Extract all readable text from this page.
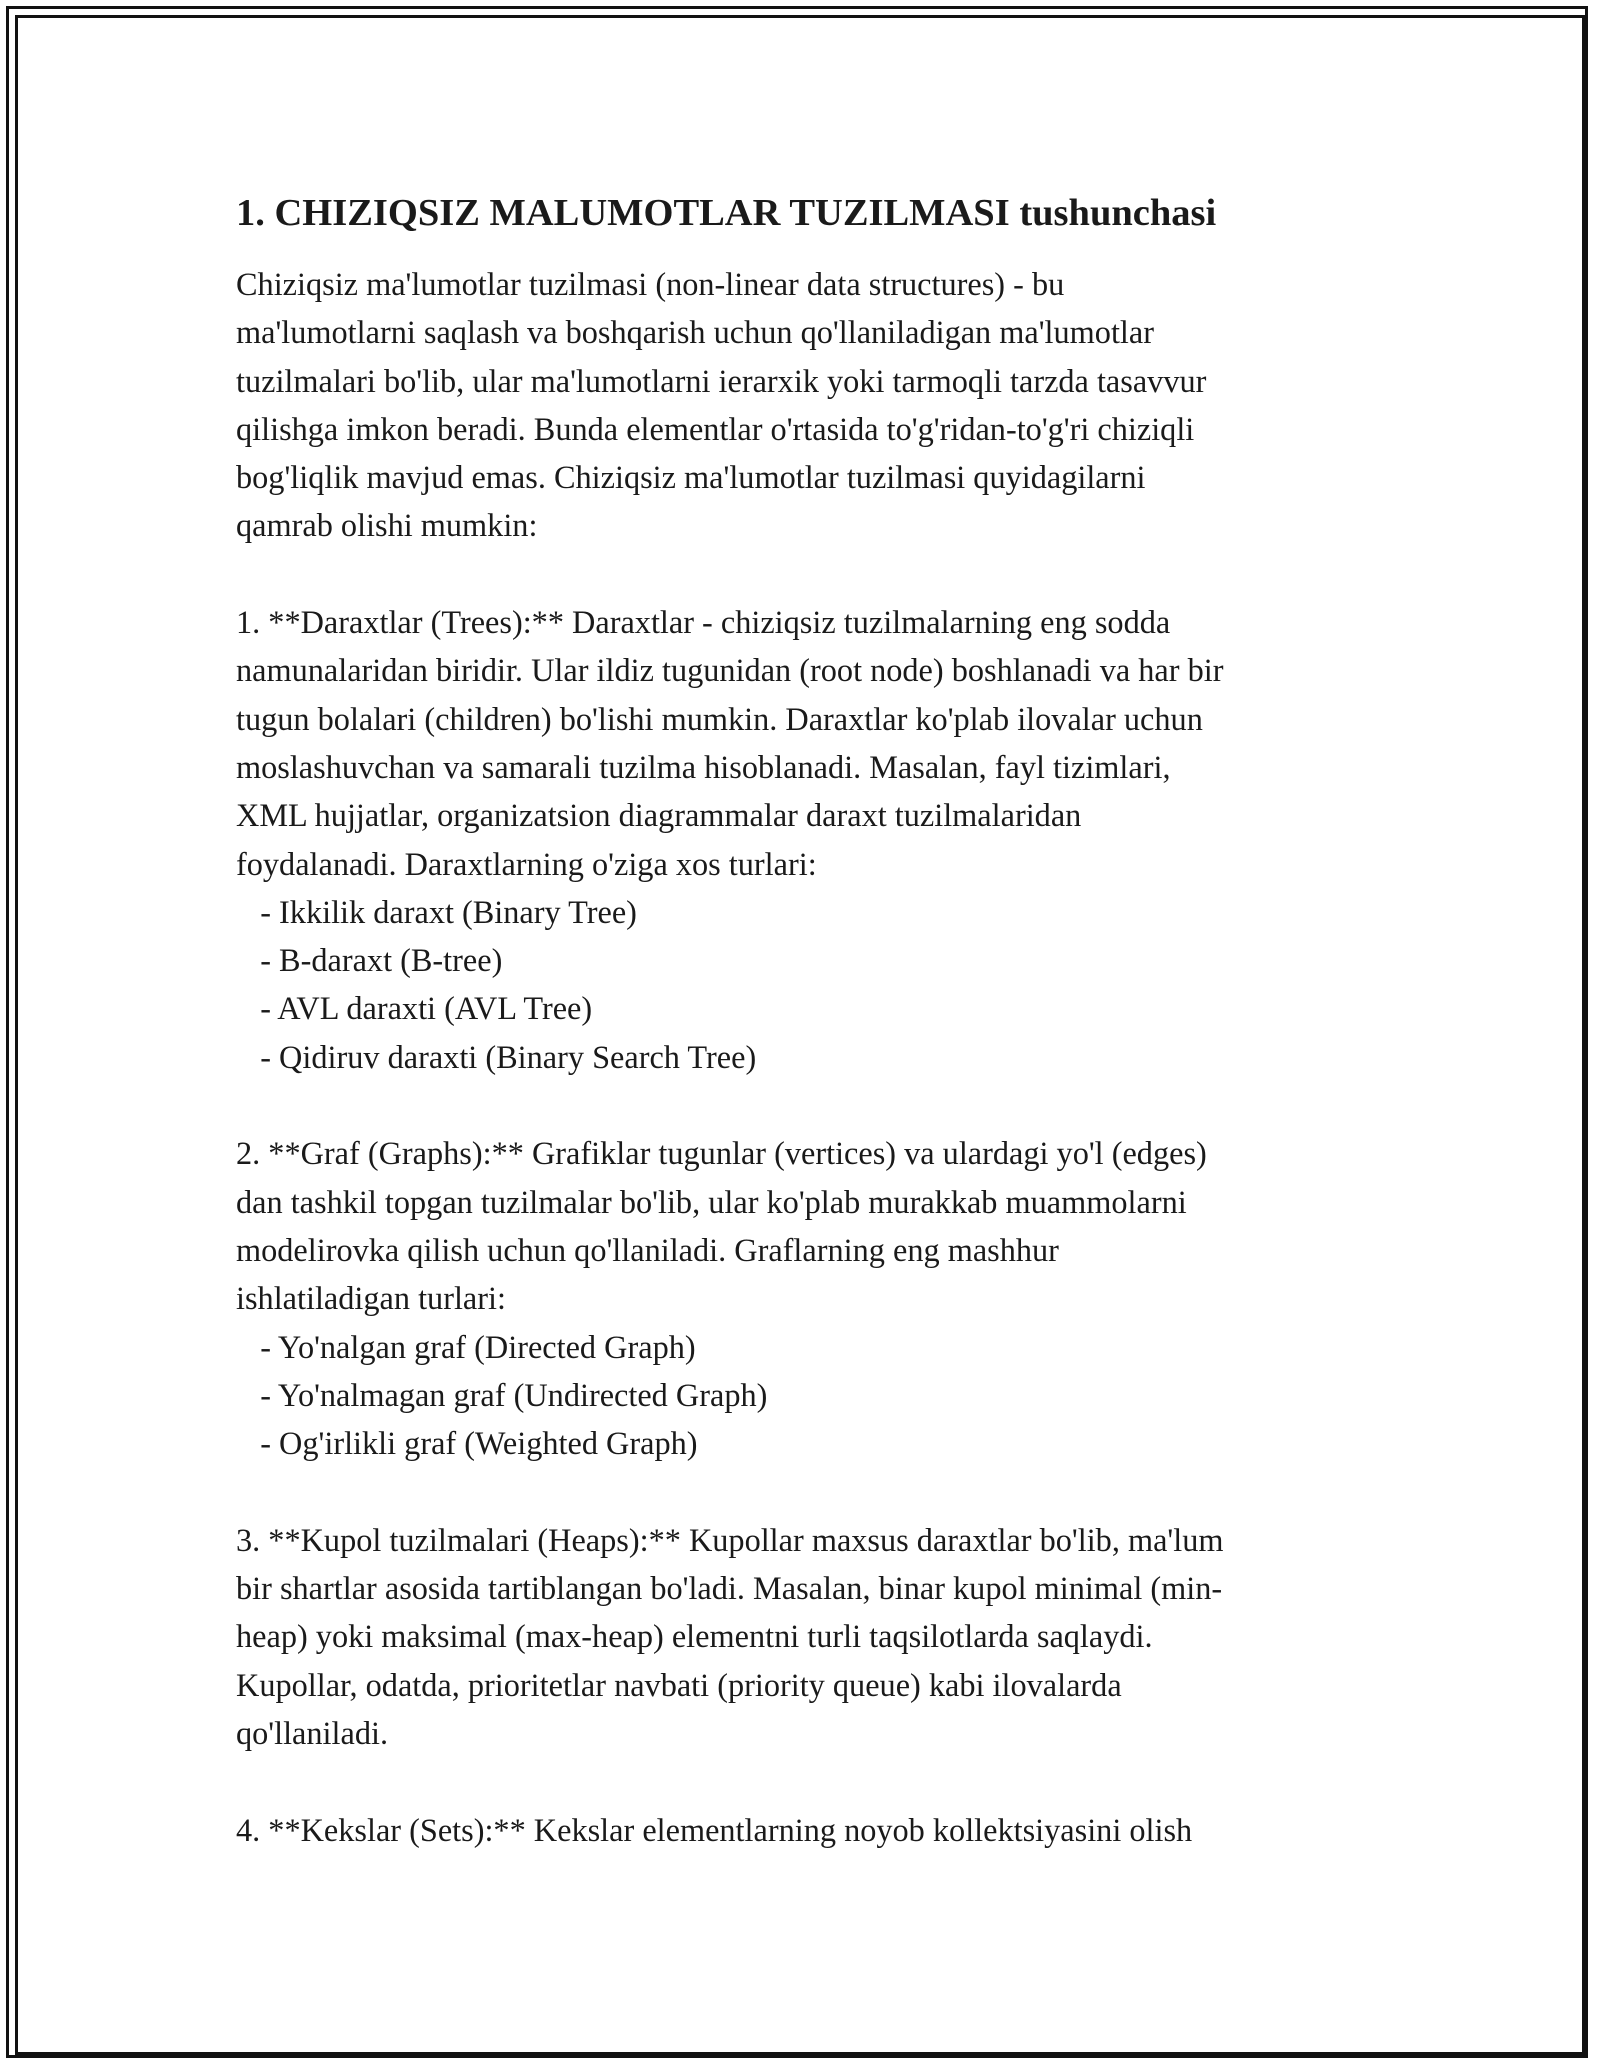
1. CHIZIQSIZ MALUMOTLAR TUZILMASI tushunchasi
Chiziqsiz ma'lumotlar tuzilmasi (non-linear data structures) - bu
ma'lumotlarni saqlash va boshqarish uchun qo'llaniladigan ma'lumotlar
tuzilmalari bo'lib, ular ma'lumotlarni ierarxik yoki tarmoqli tarzda tasavvur
qilishga imkon beradi. Bunda elementlar o'rtasida to'g'ridan-to'g'ri chiziqli
bog'liqlik mavjud emas. Chiziqsiz ma'lumotlar tuzilmasi quyidagilarni
qamrab olishi mumkin:
1. **Daraxtlar (Trees):** Daraxtlar - chiziqsiz tuzilmalarning eng sodda
namunalaridan biridir. Ular ildiz tugunidan (root node) boshlanadi va har bir
tugun bolalari (children) bo'lishi mumkin. Daraxtlar ko'plab ilovalar uchun
moslashuvchan va samarali tuzilma hisoblanadi. Masalan, fayl tizimlari,
XML hujjatlar, organizatsion diagrammalar daraxt tuzilmalaridan
foydalanadi. Daraxtlarning o'ziga xos turlari:
- Ikkilik daraxt (Binary Tree)
- B-daraxt (B-tree)
- AVL daraxti (AVL Tree)
- Qidiruv daraxti (Binary Search Tree)
2. **Graf (Graphs):** Grafiklar tugunlar (vertices) va ulardagi yo'l (edges)
dan tashkil topgan tuzilmalar bo'lib, ular ko'plab murakkab muammolarni
modelirovka qilish uchun qo'llaniladi. Graflarning eng mashhur
ishlatiladigan turlari:
- Yo'nalgan graf (Directed Graph)
- Yo'nalmagan graf (Undirected Graph)
- Og'irlikli graf (Weighted Graph)
3. **Kupol tuzilmalari (Heaps):** Kupollar maxsus daraxtlar bo'lib, ma'lum
bir shartlar asosida tartiblangan bo'ladi. Masalan, binar kupol minimal (min-
heap) yoki maksimal (max-heap) elementni turli taqsilotlarda saqlaydi.
Kupollar, odatda, prioritetlar navbati (priority queue) kabi ilovalarda
qo'llaniladi.
4. **Kekslar (Sets):** Kekslar elementlarning noyob kollektsiyasini olish
